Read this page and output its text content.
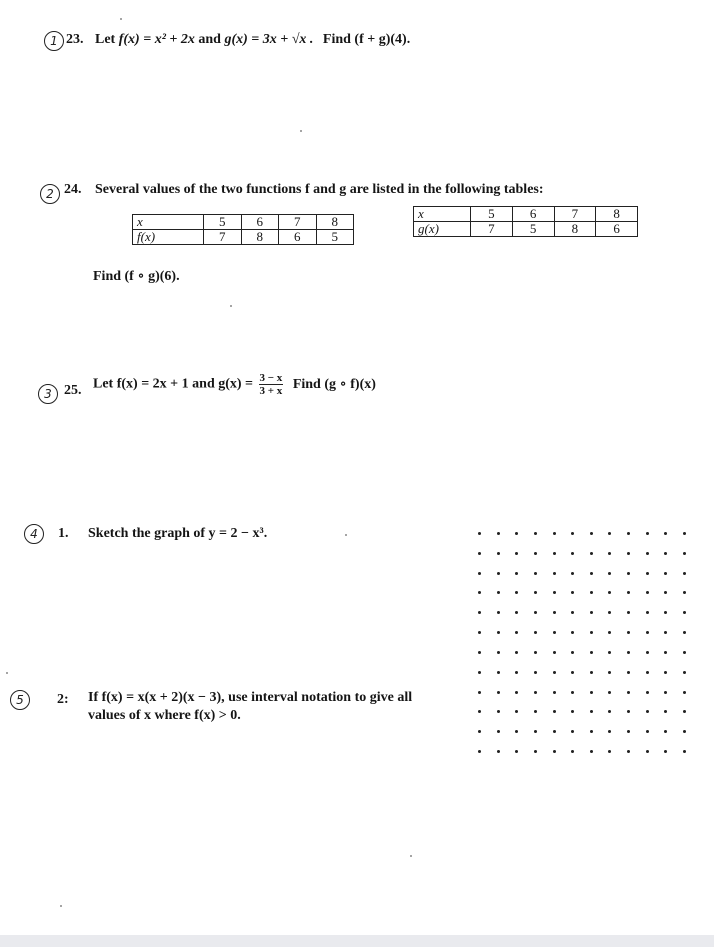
1 23. Let f(x) = x² + 2x and g(x) = 3x + √x . Find (f + g)(4).
2 24. Several values of the two functions f and g are listed in the following tables:
x	5	6	7	8
f(x)	7	8	6	5
x	5	6	7	8
g(x)	7	5	8	6
Find (f ∘ g)(6).
3 25. Let f(x) = 2x + 1 and $g(x) = \frac{3 - x}{3 + x}$ Find (g ∘ f)(x)
4	1. Sketch the graph of y = 2 − x³.
5	2: If f(x) = x(x + 2)(x − 3), use interval notation to give all
values of x where f(x) > 0.
